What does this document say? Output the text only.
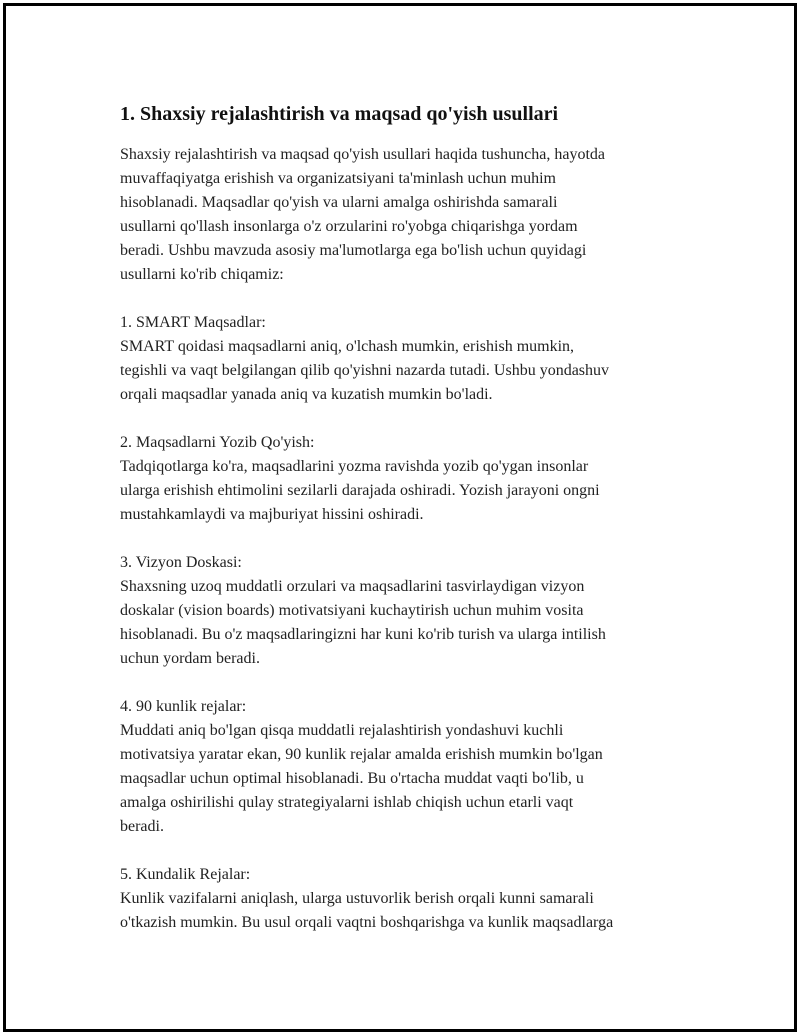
1. Shaxsiy rejalashtirish va maqsad qo'yish usullari

Shaxsiy rejalashtirish va maqsad qo'yish usullari haqida tushuncha, hayotda
muvaffaqiyatga erishish va organizatsiyani ta'minlash uchun muhim
hisoblanadi. Maqsadlar qo'yish va ularni amalga oshirishda samarali
usullarni qo'llash insonlarga o'z orzularini ro'yobga chiqarishga yordam
beradi. Ushbu mavzuda asosiy ma'lumotlarga ega bo'lish uchun quyidagi
usullarni ko'rib chiqamiz:

1. SMART Maqsadlar:

SMART qoidasi maqsadlarni aniq, o'lchash mumkin, erishish mumkin,
tegishli va vaqt belgilangan qilib qo'yishni nazarda tutadi. Ushbu yondashuv
orqali maqsadlar yanada aniq va kuzatish mumkin bo'ladi.

2. Maqsadlarni Yozib Qo'yish:

Tadqiqotlarga ko'ra, maqsadlarini yozma ravishda yozib qo'ygan insonlar
ularga erishish ehtimolini sezilarli darajada oshiradi. Yozish jarayoni ongni
mustahkamlaydi va majburiyat hissini oshiradi.

3. Vizyon Doskasi:

Shaxsning uzoq muddatli orzulari va maqsadlarini tasvirlaydigan vizyon
doskalar (vision boards) motivatsiyani kuchaytirish uchun muhim vosita
hisoblanadi. Bu o'z maqsadlaringizni har kuni ko'rib turish va ularga intilish
uchun yordam beradi.

4. 90 kunlik rejalar:

Muddati aniq bo'lgan qisqa muddatli rejalashtirish yondashuvi kuchli
motivatsiya yaratar ekan, 90 kunlik rejalar amalda erishish mumkin bo'lgan
maqsadlar uchun optimal hisoblanadi. Bu o'rtacha muddat vaqti bo'lib, u
amalga oshirilishi qulay strategiyalarni ishlab chiqish uchun etarli vaqt
beradi.

5. Kundalik Rejalar:

Kunlik vazifalarni aniqlash, ularga ustuvorlik berish orqali kunni samarali
o'tkazish mumkin. Bu usul orqali vaqtni boshqarishga va kunlik maqsadlarga
